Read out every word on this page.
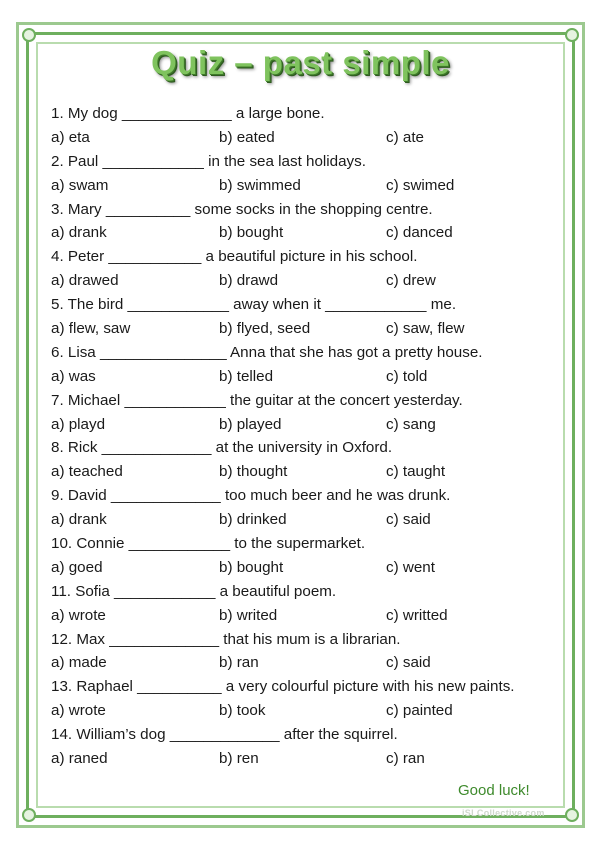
Quiz – past simple
1. My dog _____________ a large bone.
a) eta	b) eated	c) ate
2. Paul ____________ in the sea last holidays.
a) swam	b) swimmed	c) swimed
3. Mary __________ some socks in the shopping centre.
a) drank	b) bought	c) danced
4. Peter ___________ a beautiful picture in his school.
a) drawed	b) drawd	c) drew
5. The bird ____________ away when it ____________ me.
a) flew, saw	b) flyed, seed	c) saw, flew
6. Lisa _______________ Anna that she has got a pretty house.
a) was	b) telled	c) told
7. Michael ____________ the guitar at the concert yesterday.
a) playd	b) played	c) sang
8. Rick _____________ at the university in Oxford.
a) teached	b) thought	c) taught
9. David _____________ too much beer and he was drunk.
a) drank	b) drinked	c) said
10. Connie ____________ to the supermarket.
a) goed	b) bought	c) went
11. Sofia ____________ a beautiful poem.
a) wrote	b) writed	c) writted
12. Max _____________ that his mum is a librarian.
a) made	b) ran	c) said
13. Raphael __________ a very colourful picture with his new paints.
a) wrote	b) took	c) painted
14. William’s dog _____________ after the squirrel.
a) raned	b) ren	c) ran
Good luck!
iSLCollective.com
